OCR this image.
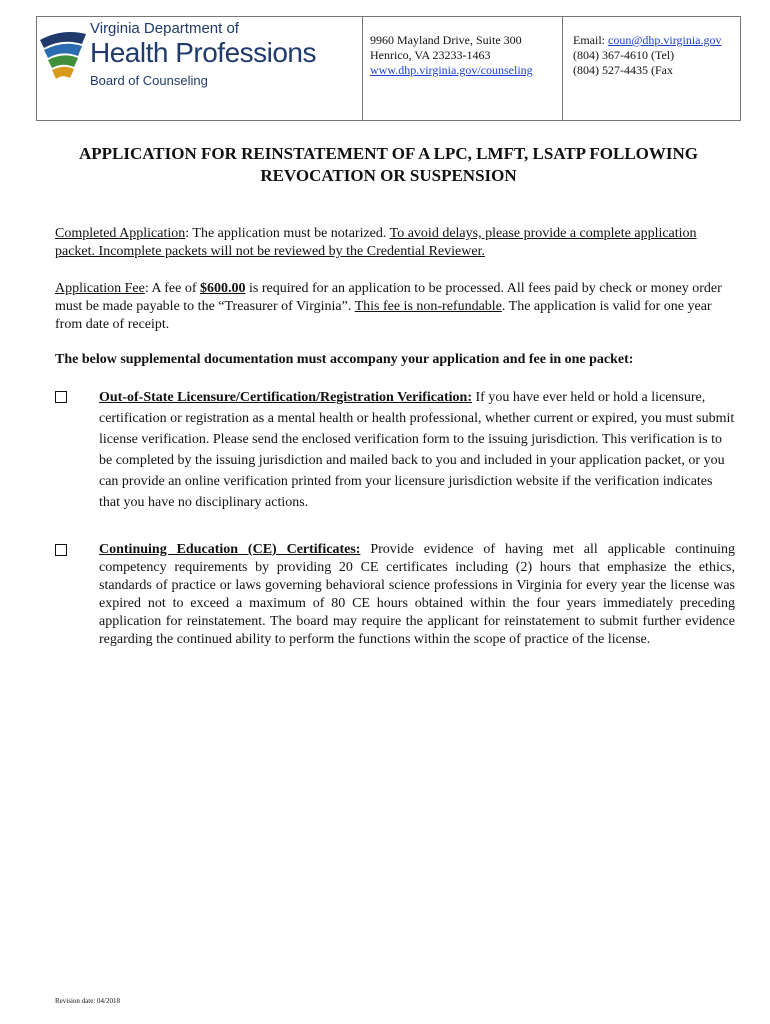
Virginia Department of
Health Professions
Board of Counseling
9960 Mayland Drive, Suite 300
Henrico, VA 23233-1463
www.dhp.virginia.gov/counseling
Email: coun@dhp.virginia.gov
(804) 367-4610 (Tel)
(804) 527-4435 (Fax
APPLICATION FOR REINSTATEMENT OF A LPC, LMFT, LSATP FOLLOWING
REVOCATION OR SUSPENSION
Completed Application: The application must be notarized. To avoid delays, please provide a complete application packet. Incomplete packets will not be reviewed by the Credential Reviewer.
Application Fee: A fee of $600.00 is required for an application to be processed. All fees paid by check or money order must be made payable to the “Treasurer of Virginia”. This fee is non-refundable. The application is valid for one year from date of receipt.
The below supplemental documentation must accompany your application and fee in one packet:
Out-of-State Licensure/Certification/Registration Verification: If you have ever held or hold a licensure, certification or registration as a mental health or health professional, whether current or expired, you must submit license verification. Please send the enclosed verification form to the issuing jurisdiction. This verification is to be completed by the issuing jurisdiction and mailed back to you and included in your application packet, or you can provide an online verification printed from your licensure jurisdiction website if the verification indicates that you have no disciplinary actions.
Continuing Education (CE) Certificates: Provide evidence of having met all applicable continuing competency requirements by providing 20 CE certificates including (2) hours that emphasize the ethics, standards of practice or laws governing behavioral science professions in Virginia for every year the license was expired not to exceed a maximum of 80 CE hours obtained within the four years immediately preceding application for reinstatement. The board may require the applicant for reinstatement to submit further evidence regarding the continued ability to perform the functions within the scope of practice of the license.
Revision date: 04/2018
